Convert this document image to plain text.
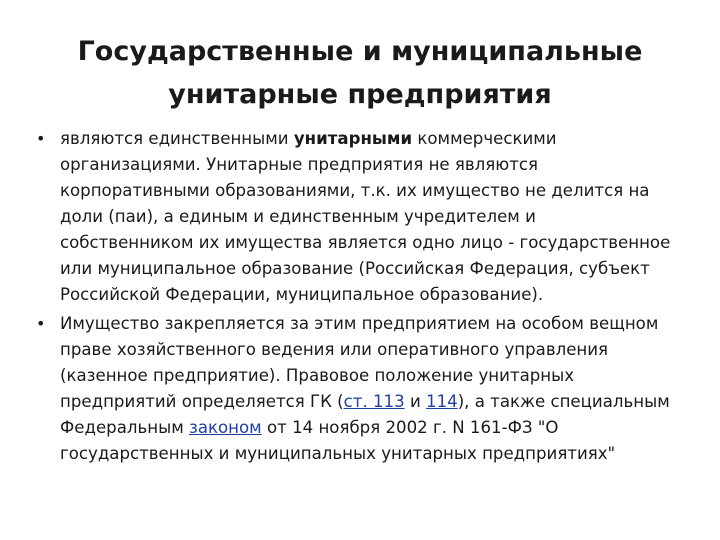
Государственные и муниципальные
унитарные предприятия
• являются единственными унитарными коммерческими
организациями. Унитарные предприятия не являются
корпоративными образованиями, т.к. их имущество не делится на
доли (паи), а единым и единственным учредителем и
собственником их имущества является одно лицо - государственное
или муниципальное образование (Российская Федерация, субъект
Российской Федерации, муниципальное образование).
• Имущество закрепляется за этим предприятием на особом вещном
праве хозяйственного ведения или оперативного управления
(казенное предприятие). Правовое положение унитарных
предприятий определяется ГК (ст. 113 и 114), а также специальным
Федеральным законом от 14 ноября 2002 г. N 161-ФЗ "О
государственных и муниципальных унитарных предприятиях"
